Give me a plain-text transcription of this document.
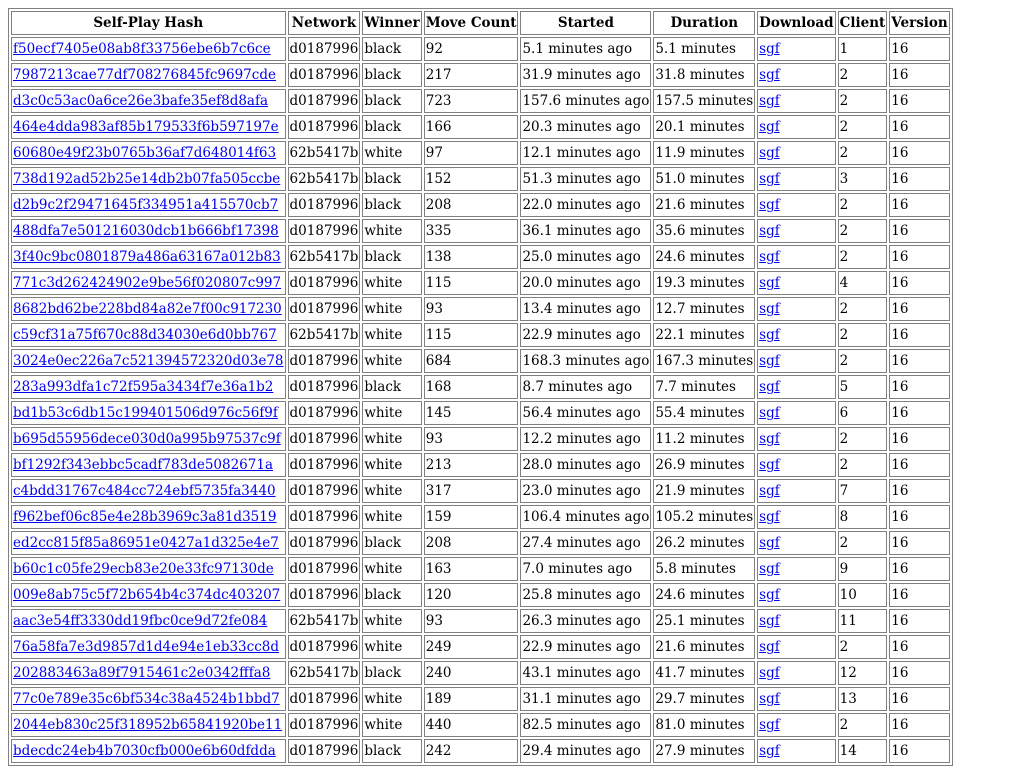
Self-Play Hash	Network	Winner	Move Count	Started	Duration	Download	Client	Version
f50ecf7405e08ab8f33756ebe6b7c6ce	d0187996	black	92	5.1 minutes ago	5.1 minutes	sgf	1	16
7987213cae77df708276845fc9697cde	d0187996	black	217	31.9 minutes ago	31.8 minutes	sgf	2	16
d3c0c53ac0a6ce26e3bafe35ef8d8afa	d0187996	black	723	157.6 minutes ago	157.5 minutes	sgf	2	16
464e4dda983af85b179533f6b597197e	d0187996	black	166	20.3 minutes ago	20.1 minutes	sgf	2	16
60680e49f23b0765b36af7d648014f63	62b5417b	white	97	12.1 minutes ago	11.9 minutes	sgf	2	16
738d192ad52b25e14db2b07fa505ccbe	62b5417b	black	152	51.3 minutes ago	51.0 minutes	sgf	3	16
d2b9c2f29471645f334951a415570cb7	d0187996	black	208	22.0 minutes ago	21.6 minutes	sgf	2	16
488dfa7e501216030dcb1b666bf17398	d0187996	white	335	36.1 minutes ago	35.6 minutes	sgf	2	16
3f40c9bc0801879a486a63167a012b83	62b5417b	black	138	25.0 minutes ago	24.6 minutes	sgf	2	16
771c3d262424902e9be56f020807c997	d0187996	white	115	20.0 minutes ago	19.3 minutes	sgf	4	16
8682bd62be228bd84a82e7f00c917230	d0187996	white	93	13.4 minutes ago	12.7 minutes	sgf	2	16
c59cf31a75f670c88d34030e6d0bb767	62b5417b	white	115	22.9 minutes ago	22.1 minutes	sgf	2	16
3024e0ec226a7c521394572320d03e78	d0187996	white	684	168.3 minutes ago	167.3 minutes	sgf	2	16
283a993dfa1c72f595a3434f7e36a1b2	d0187996	black	168	8.7 minutes ago	7.7 minutes	sgf	5	16
bd1b53c6db15c199401506d976c56f9f	d0187996	white	145	56.4 minutes ago	55.4 minutes	sgf	6	16
b695d55956dece030d0a995b97537c9f	d0187996	white	93	12.2 minutes ago	11.2 minutes	sgf	2	16
bf1292f343ebbc5cadf783de5082671a	d0187996	white	213	28.0 minutes ago	26.9 minutes	sgf	2	16
c4bdd31767c484cc724ebf5735fa3440	d0187996	white	317	23.0 minutes ago	21.9 minutes	sgf	7	16
f962bef06c85e4e28b3969c3a81d3519	d0187996	white	159	106.4 minutes ago	105.2 minutes	sgf	8	16
ed2cc815f85a86951e0427a1d325e4e7	d0187996	black	208	27.4 minutes ago	26.2 minutes	sgf	2	16
b60c1c05fe29ecb83e20e33fc97130de	d0187996	white	163	7.0 minutes ago	5.8 minutes	sgf	9	16
009e8ab75c5f72b654b4c374dc403207	d0187996	black	120	25.8 minutes ago	24.6 minutes	sgf	10	16
aac3e54ff3330dd19fbc0ce9d72fe084	62b5417b	white	93	26.3 minutes ago	25.1 minutes	sgf	11	16
76a58fa7e3d9857d1d4e94e1eb33cc8d	d0187996	white	249	22.9 minutes ago	21.6 minutes	sgf	2	16
202883463a89f7915461c2e0342fffa8	62b5417b	black	240	43.1 minutes ago	41.7 minutes	sgf	12	16
77c0e789e35c6bf534c38a4524b1bbd7	d0187996	white	189	31.1 minutes ago	29.7 minutes	sgf	13	16
2044eb830c25f318952b65841920be11	d0187996	white	440	82.5 minutes ago	81.0 minutes	sgf	2	16
bdecdc24eb4b7030cfb000e6b60dfdda	d0187996	black	242	29.4 minutes ago	27.9 minutes	sgf	14	16
